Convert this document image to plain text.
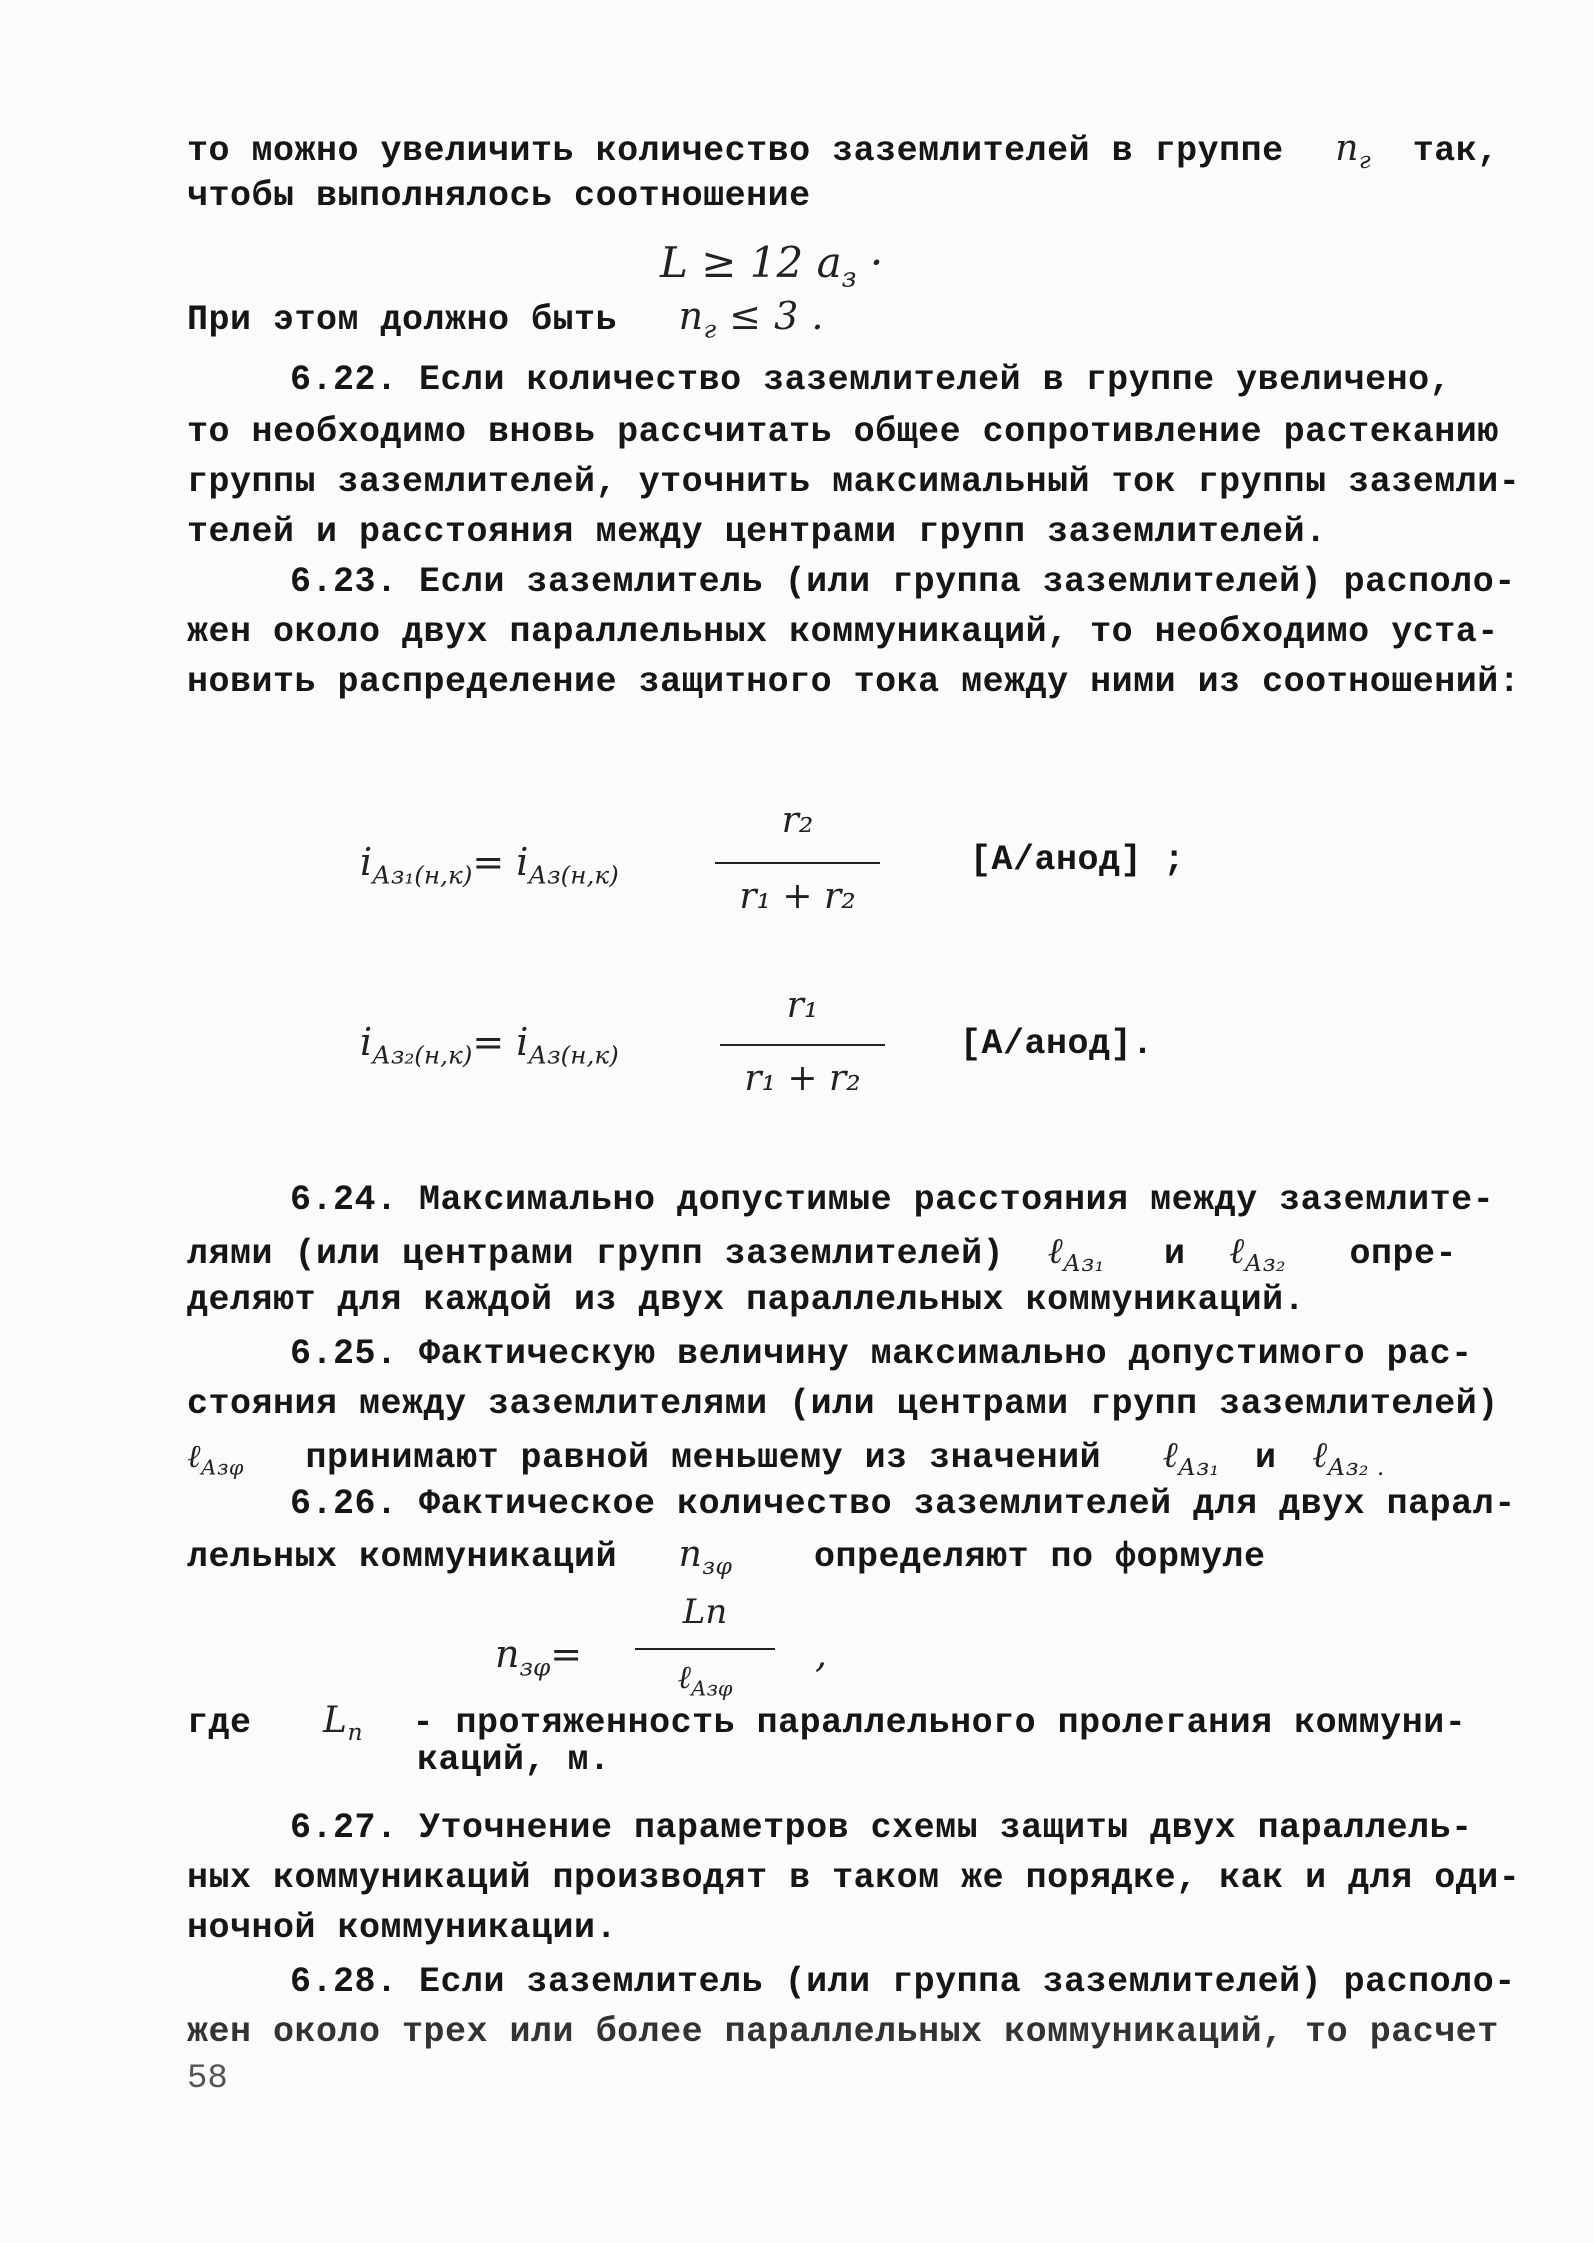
то можно увеличить количество заземлителей в группе $n_г$ так,
чтобы выполнялось соотношение
L ≥ 12 $a_з$ ·
При этом должно быть $n_г \le 3$ .
6.22. Если количество заземлителей в группе увеличено,
то необходимо вновь рассчитать общее сопротивление растеканию
группы заземлителей, уточнить максимальный ток группы заземли-
телей и расстояния между центрами групп заземлителей.
6.23. Если заземлитель (или группа заземлителей) располо-
жен около двух параллельных коммуникаций, то необходимо уста-
новить распределение защитного тока между ними из соотношений:
$i_{Аз_1(н,к)}= i_{Аз(н,к)}$
r₂
r₁ + r₂
[А/анод] ;
$i_{Аз_2(н,к)}= i_{Аз(н,к)}$
r₁
r₁ + r₂
[А/анод].
6.24. Максимально допустимые расстояния между заземлите-
лями (или центрами групп заземлителей) ℓ$_{Аз_1}$ и ℓ$_{Аз_2}$ опре-
деляют для каждой из двух параллельных коммуникаций.
6.25. Фактическую величину максимально допустимого рас-
стояния между заземлителями (или центрами групп заземлителей)
ℓ$_{Аз\varphi}$ принимают равной меньшему из значений ℓ$_{Аз_1}$ и ℓ$_{Аз_2 .}$
6.26. Фактическое количество заземлителей для двух парал-
лельных коммуникаций $n_{з\varphi}$ определяют по формуле
$n_{з\varphi}=$
Lп
ℓ$_{Аз\varphi}$
,
где $L_п$ - протяженность параллельного пролегания коммуни-
каций, м.
6.27. Уточнение параметров схемы защиты двух параллель-
ных коммуникаций производят в таком же порядке, как и для оди-
ночной коммуникации.
6.28. Если заземлитель (или группа заземлителей) располо-
жен около трех или более параллельных коммуникаций, то расчет
58
